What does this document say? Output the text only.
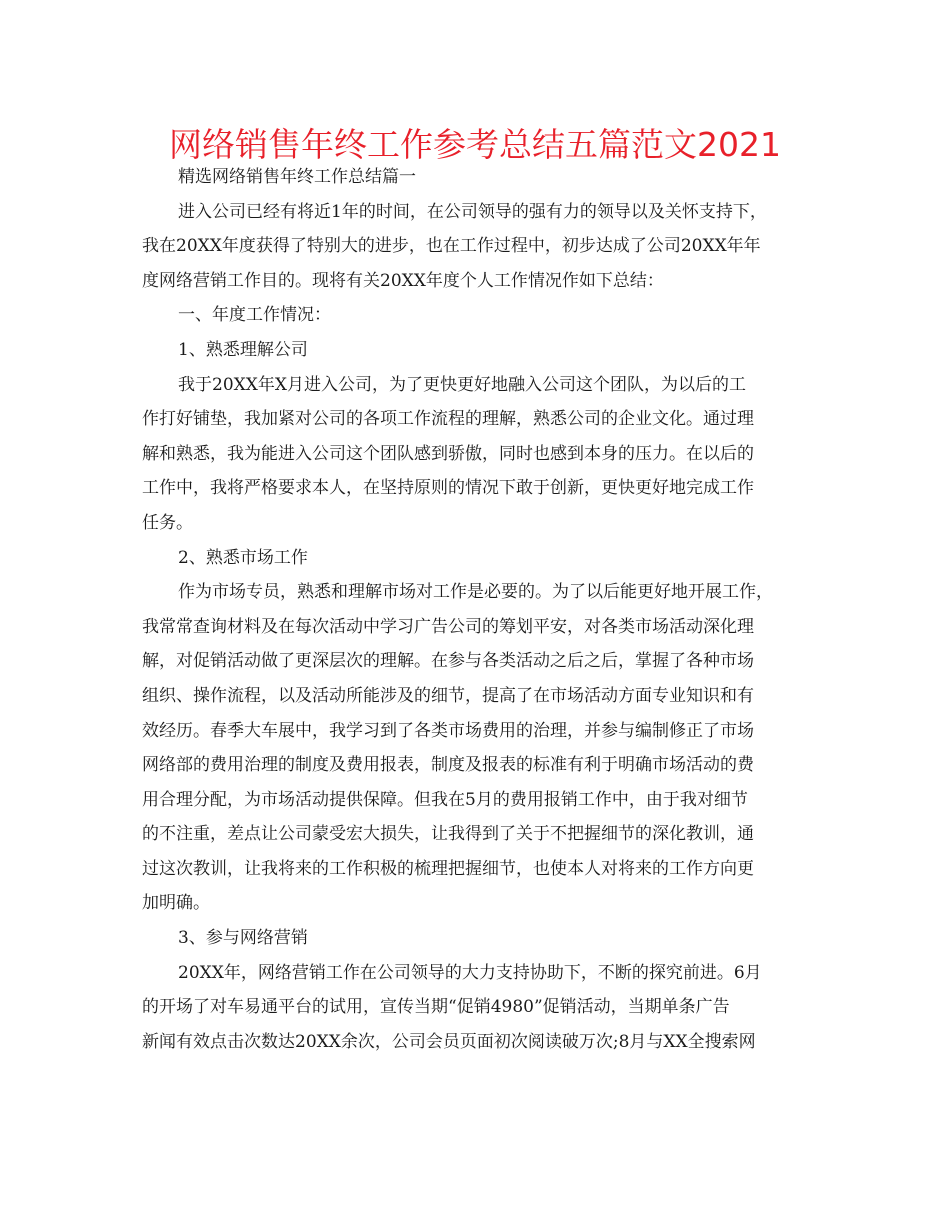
网络销售年终工作参考总结五篇范文2021
精选网络销售年终工作总结篇一
进入公司已经有将近1年的时间，在公司领导的强有力的领导以及关怀支持下，
我在20XX年度获得了特别大的进步，也在工作过程中，初步达成了公司20XX年年
度网络营销工作目的。现将有关20XX年度个人工作情况作如下总结：
一、年度工作情况：
1、熟悉理解公司
我于20XX年X月进入公司，为了更快更好地融入公司这个团队，为以后的工
作打好铺垫，我加紧对公司的各项工作流程的理解，熟悉公司的企业文化。通过理
解和熟悉，我为能进入公司这个团队感到骄傲，同时也感到本身的压力。在以后的
工作中，我将严格要求本人，在坚持原则的情况下敢于创新，更快更好地完成工作
任务。
2、熟悉市场工作
作为市场专员，熟悉和理解市场对工作是必要的。为了以后能更好地开展工作，
我常常查询材料及在每次活动中学习广告公司的筹划平安，对各类市场活动深化理
解，对促销活动做了更深层次的理解。在参与各类活动之后之后，掌握了各种市场
组织、操作流程，以及活动所能涉及的细节，提高了在市场活动方面专业知识和有
效经历。春季大车展中，我学习到了各类市场费用的治理，并参与编制修正了市场
网络部的费用治理的制度及费用报表，制度及报表的标准有利于明确市场活动的费
用合理分配，为市场活动提供保障。但我在5月的费用报销工作中，由于我对细节
的不注重，差点让公司蒙受宏大损失，让我得到了关于不把握细节的深化教训，通
过这次教训，让我将来的工作积极的梳理把握细节，也使本人对将来的工作方向更
加明确。
3、参与网络营销
20XX年，网络营销工作在公司领导的大力支持协助下，不断的探究前进。6月
的开场了对车易通平台的试用，宣传当期“促销4980”促销活动，当期单条广告
新闻有效点击次数达20XX余次，公司会员页面初次阅读破万次;8月与XX全搜索网
